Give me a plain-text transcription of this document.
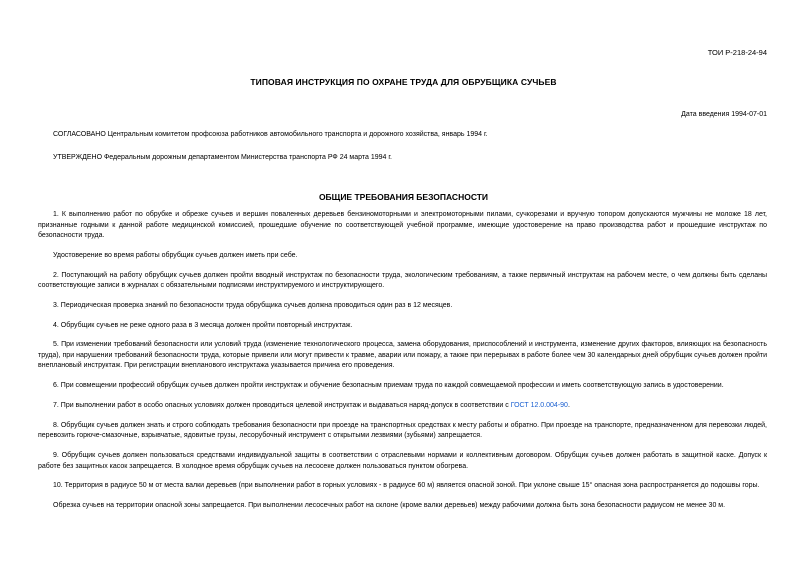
ТОИ Р-218-24-94
ТИПОВАЯ ИНСТРУКЦИЯ ПО ОХРАНЕ ТРУДА ДЛЯ ОБРУБЩИКА СУЧЬЕВ
Дата введения 1994-07-01
СОГЛАСОВАНО Центральным комитетом профсоюза работников автомобильного транспорта и дорожного хозяйства, январь 1994 г.
УТВЕРЖДЕНО Федеральным дорожным департаментом Министерства транспорта РФ 24 марта 1994 г.
ОБЩИЕ ТРЕБОВАНИЯ БЕЗОПАСНОСТИ

1. К выполнению работ по обрубке и обрезке сучьев и вершин поваленных деревьев бензиномоторными и электромоторными пилами, сучкорезами и вручную топором допускаются мужчины не моложе 18 лет, признанные годными к данной работе медицинской комиссией, прошедшие обучение по соответствующей учебной программе, имеющие удостоверение на право производства работ и прошедшие инструктаж по безопасности труда.

Удостоверение во время работы обрубщик сучьев должен иметь при себе.

2. Поступающий на работу обрубщик сучьев должен пройти вводный инструктаж по безопасности труда, экологическим требованиям, а также первичный инструктаж на рабочем месте, о чем должны быть сделаны соответствующие записи в журналах с обязательными подписями инструктируемого и инструктирующего.

3. Периодическая проверка знаний по безопасности труда обрубщика сучьев должна проводиться один раз в 12 месяцев.

4. Обрубщик сучьев не реже одного раза в 3 месяца должен пройти повторный инструктаж.

5. При изменении требований безопасности или условий труда (изменение технологического процесса, замена оборудования, приспособлений и инструмента, изменение других факторов, влияющих на безопасность труда), при нарушении требований безопасности труда, которые привели или могут привести к травме, аварии или пожару, а также при перерывах в работе более чем 30 календарных дней обрубщик сучьев должен пройти внеплановый инструктаж. При регистрации внепланового инструктажа указывается причина его проведения.

6. При совмещении профессий обрубщик сучьев должен пройти инструктаж и обучение безопасным приемам труда по каждой совмещаемой профессии и иметь соответствующую запись в удостоверении.

7. При выполнении работ в особо опасных условиях должен проводиться целевой инструктаж и выдаваться наряд-допуск в соответствии с ГОСТ 12.0.004-90.

8. Обрубщик сучьев должен знать и строго соблюдать требования безопасности при проезде на транспортных средствах к месту работы и обратно. При проезде на транспорте, предназначенном для перевозки людей, перевозить горюче-смазочные, взрывчатые, ядовитые грузы, лесорубочный инструмент с открытыми лезвиями (зубьями) запрещается.

9. Обрубщик сучьев должен пользоваться средствами индивидуальной защиты в соответствии с отраслевыми нормами и коллективным договором. Обрубщик сучьев должен работать в защитной каске. Допуск к работе без защитных касок запрещается. В холодное время обрубщик сучьев на лесосеке должен пользоваться пунктом обогрева.

10. Территория в радиусе 50 м от места валки деревьев (при выполнении работ в горных условиях - в радиусе 60 м) является опасной зоной. При уклоне свыше 15° опасная зона распространяется до подошвы горы.

Обрезка сучьев на территории опасной зоны запрещается. При выполнении лесосечных работ на склоне (кроме валки деревьев) между рабочими должна быть зона безопасности радиусом не менее 30 м.
